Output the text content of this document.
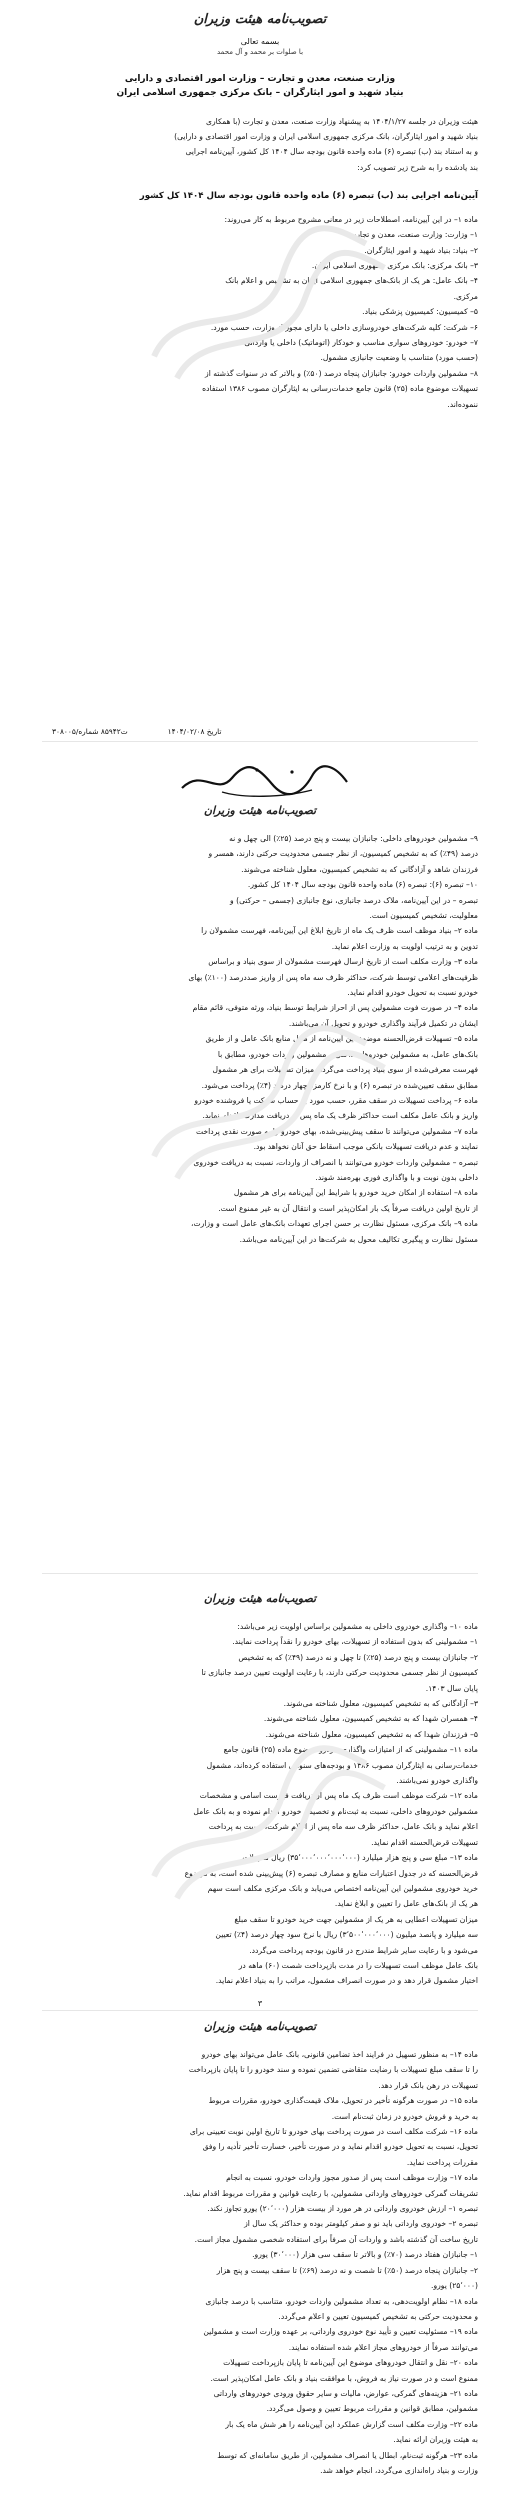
تصویب‌نامه هیئت وزیران

بسمه تعالی
با صلوات بر محمد و آل محمد
وزارت صنعت، معدن و تجارت – وزارت امور اقتصادی و دارایی
بنیاد شهید و امور ایثارگران – بانک مرکزی جمهوری اسلامی ایران

هیئت وزیران در جلسه ۱۴۰۴/۱/۲۷ به پیشنهاد وزارت صنعت، معدن و تجارت (با همکاری

بنیاد شهید و امور ایثارگران، بانک مرکزی جمهوری اسلامی ایران و وزارت امور اقتصادی و دارایی)

و به استناد بند (ب) تبصره (۶) ماده واحده قانون بودجه سال ۱۴۰۴ کل کشور، آیین‌نامه اجرایی

بند یادشده را به شرح زیر تصویب کرد:

آیین‌نامه اجرایی بند (ب) تبصره (۶) ماده واحده قانون بودجه سال ۱۴۰۴ کل کشور

ماده ۱– در این آیین‌نامه، اصطلاحات زیر در معانی مشروح مربوط به کار می‌روند:

۱– وزارت: وزارت صنعت، معدن و تجارت.

۲– بنیاد: بنیاد شهید و امور ایثارگران.

۳– بانک مرکزی: بانک مرکزی جمهوری اسلامی ایران.

۴– بانک عامل: هر یک از بانک‌های جمهوری اسلامی ایران به تشخیص و اعلام بانک

مرکزی.

۵– کمیسیون: کمیسیون پزشکی بنیاد.

۶– شرکت: کلیه شرکت‌های خودروسازی داخلی یا دارای مجوز از وزارت، حسب مورد.

۷– خودرو: خودروهای سواری مناسب و خودکار (اتوماتیک) داخلی یا وارداتی

(حسب مورد) متناسب با وضعیت جانبازی مشمول.

۸– مشمولین واردات خودرو: جانبازان پنجاه درصد (۵۰٪) و بالاتر که در سنوات گذشته از

تسهیلات موضوع ماده (۲۵) قانون جامع خدمات‌رسانی به ایثارگران مصوب ۱۳۸۶ استفاده

ننموده‌اند.

۳۰۸۰۰۵/ت۸۵۹۴۲ شماره	۱۴۰۴/۰۲/۰۸ تاریخ

تصویب‌نامه هیئت وزیران

۹– مشمولین خودروهای داخلی: جانبازان بیست و پنج درصد (۲۵٪) الی چهل و نه

درصد (۴۹٪) که به تشخیص کمیسیون، از نظر جسمی محدودیت حرکتی دارند، همسر و

فرزندان شاهد و آزادگانی که به تشخیص کمیسیون، معلول شناخته می‌شوند.

۱۰– تبصره (۶): تبصره (۶) ماده واحده قانون بودجه سال ۱۴۰۴ کل کشور.

تبصره – در این آیین‌نامه، ملاک درصد جانبازی، نوع جانبازی (جسمی – حرکتی) و

معلولیت، تشخیص کمیسیون است.

ماده ۲– بنیاد موظف است ظرف یک ماه از تاریخ ابلاغ این آیین‌نامه، فهرست مشمولان را

تدوین و به ترتیب اولویت به وزارت اعلام نماید.

ماده ۳– وزارت مکلف است از تاریخ ارسال فهرست مشمولان از سوی بنیاد و براساس

ظرفیت‌های اعلامی توسط شرکت، حداکثر ظرف سه ماه پس از واریز صددرصد (۱۰۰٪) بهای

خودرو نسبت به تحویل خودرو اقدام نماید.

ماده ۴– در صورت فوت مشمولین پس از احراز شرایط توسط بنیاد، ورثه متوفی، قائم مقام

ایشان در تکمیل فرآیند واگذاری خودرو و تحویل آن می‌باشند.

ماده ۵– تسهیلات قرض‌الحسنه موضوع این آیین‌نامه از محل منابع بانک عامل و از طریق

بانک‌های عامل، به مشمولین خودروهای داخلی و مشمولین واردات خودرو، مطابق با

فهرست معرفی‌شده از سوی بنیاد پرداخت می‌گردد. میزان تسهیلات برای هر مشمول

مطابق سقف تعیین‌شده در تبصره (۶) و با نرخ کارمزد چهار درصد (۴٪) پرداخت می‌شود.

ماده ۶– پرداخت تسهیلات در سقف مقرر، حسب مورد به حساب شرکت یا فروشنده خودرو

واریز و بانک عامل مکلف است حداکثر ظرف یک ماه پس از دریافت مدارک، اقدام نماید.

ماده ۷– مشمولین می‌توانند تا سقف پیش‌بینی‌شده، بهای خودرو را به صورت نقدی پرداخت

نمایند و عدم دریافت تسهیلات بانکی موجب اسقاط حق آنان نخواهد بود.

تبصره – مشمولین واردات خودرو می‌توانند با انصراف از واردات، نسبت به دریافت خودروی

داخلی بدون نوبت و با واگذاری فوری بهره‌مند شوند.

ماده ۸– استفاده از امکان خرید خودرو با شرایط این آیین‌نامه برای هر مشمول

از تاریخ اولین دریافت صرفاً یک بار امکان‌پذیر است و انتقال آن به غیر ممنوع است.

ماده ۹– بانک مرکزی، مسئول نظارت بر حسن اجرای تعهدات بانک‌های عامل است و وزارت،

مسئول نظارت و پیگیری تکالیف محول به شرکت‌ها در این آیین‌نامه می‌باشد.

تصویب‌نامه هیئت وزیران

ماده ۱۰– واگذاری خودروی داخلی به مشمولین براساس اولویت زیر می‌باشد:

۱– مشمولینی که بدون استفاده از تسهیلات، بهای خودرو را نقداً پرداخت نمایند.

۲– جانبازان بیست و پنج درصد (۲۵٪) تا چهل و نه درصد (۴۹٪) که به تشخیص

کمیسیون از نظر جسمی محدودیت حرکتی دارند، با رعایت اولویت تعیین درصد جانبازی تا

پایان سال ۱۴۰۳.

۳– آزادگانی که به تشخیص کمیسیون، معلول شناخته می‌شوند.

۴– همسران شهدا که به تشخیص کمیسیون، معلول شناخته می‌شوند.

۵– فرزندان شهدا که به تشخیص کمیسیون، معلول شناخته می‌شوند.

ماده ۱۱– مشمولینی که از امتیازات واگذاری خودرو موضوع ماده (۲۵) قانون جامع

خدمات‌رسانی به ایثارگران مصوب ۱۳۸۶ و بودجه‌های سنواتی استفاده کرده‌اند، مشمول

واگذاری خودرو نمی‌باشند.

ماده ۱۲– شرکت موظف است ظرف یک ماه پس از دریافت فهرست اسامی و مشخصات

مشمولین خودروهای داخلی، نسبت به ثبت‌نام و تخصیص خودرو اقدام نموده و به بانک عامل

اعلام نماید و بانک عامل، حداکثر ظرف سه ماه پس از اعلام شرکت، نسبت به پرداخت

تسهیلات قرض‌الحسنه اقدام نماید.

ماده ۱۳– مبلغ سی و پنج هزار میلیارد (۳۵٬۰۰۰٬۰۰۰٬۰۰۰٬۰۰۰) ریال تسهیلات

قرض‌الحسنه که در جدول اعتبارات منابع و مصارف تبصره (۶) پیش‌بینی شده است، به موضوع

خرید خودروی مشمولین این آیین‌نامه اختصاص می‌یابد و بانک مرکزی مکلف است سهم

هر یک از بانک‌های عامل را تعیین و ابلاغ نماید.

میزان تسهیلات اعطایی به هر یک از مشمولین جهت خرید خودرو تا سقف مبلغ

سه میلیارد و پانصد میلیون (۳٬۵۰۰٬۰۰۰٬۰۰۰) ریال با نرخ سود چهار درصد (۴٪) تعیین

می‌شود و با رعایت سایر شرایط مندرج در قانون بودجه پرداخت می‌گردد.

بانک عامل موظف است تسهیلات را در مدت بازپرداخت شصت (۶۰) ماهه در

اختیار مشمول قرار دهد و در صورت انصراف مشمول، مراتب را به بنیاد اعلام نماید.

۳

تصویب‌نامه هیئت وزیران

ماده ۱۴– به منظور تسهیل در فرایند اخذ تضامین قانونی، بانک عامل می‌تواند بهای خودرو

را تا سقف مبلغ تسهیلات با رضایت متقاضی تضمین نموده و سند خودرو را تا پایان بازپرداخت

تسهیلات در رهن بانک قرار دهد.

ماده ۱۵– در صورت هرگونه تأخیر در تحویل، ملاک قیمت‌گذاری خودرو، مقررات مربوط

به خرید و فروش خودرو در زمان ثبت‌نام است.

ماده ۱۶– شرکت مکلف است در صورت پرداخت بهای خودرو تا تاریخ اولین نوبت تعیینی برای

تحویل، نسبت به تحویل خودرو اقدام نماید و در صورت تأخیر، خسارت تأخیر تأدیه را وفق

مقررات پرداخت نماید.

ماده ۱۷– وزارت موظف است پس از صدور مجوز واردات خودرو، نسبت به انجام

تشریفات گمرکی خودروهای وارداتی مشمولین، با رعایت قوانین و مقررات مربوط اقدام نماید.

تبصره ۱– ارزش خودروی وارداتی در هر مورد از بیست هزار (۲۰٬۰۰۰) یورو تجاوز نکند.

تبصره ۲– خودروی وارداتی باید نو و صفر کیلومتر بوده و حداکثر یک سال از

تاریخ ساخت آن گذشته باشد و واردات آن صرفاً برای استفاده شخصی مشمول مجاز است.

۱– جانبازان هفتاد درصد (۷۰٪) و بالاتر تا سقف سی هزار (۳۰٬۰۰۰) یورو.

۲– جانبازان پنجاه درصد (۵۰٪) تا شصت و نه درصد (۶۹٪) تا سقف بیست و پنج هزار

(۲۵٬۰۰۰) یورو.

ماده ۱۸– نظام اولویت‌دهی، به تعداد مشمولین واردات خودرو، متناسب با درصد جانبازی

و محدودیت حرکتی به تشخیص کمیسیون تعیین و اعلام می‌گردد.

ماده ۱۹– مسئولیت تعیین و تأیید نوع خودروی وارداتی، بر عهده وزارت است و مشمولین

می‌توانند صرفاً از خودروهای مجاز اعلام شده استفاده نمایند.

ماده ۲۰– نقل و انتقال خودروهای موضوع این آیین‌نامه تا پایان بازپرداخت تسهیلات

ممنوع است و در صورت نیاز به فروش، با موافقت بنیاد و بانک عامل امکان‌پذیر است.

ماده ۲۱– هزینه‌های گمرکی، عوارض، مالیات و سایر حقوق ورودی خودروهای وارداتی

مشمولین، مطابق قوانین و مقررات مربوط تعیین و وصول می‌گردد.

ماده ۲۲– وزارت مکلف است گزارش عملکرد این آیین‌نامه را هر شش ماه یک بار

به هیئت وزیران ارائه نماید.

ماده ۲۳– هرگونه ثبت‌نام، ابطال یا انصراف مشمولین، از طریق سامانه‌ای که توسط

وزارت و بنیاد راه‌اندازی می‌گردد، انجام خواهد شد.
